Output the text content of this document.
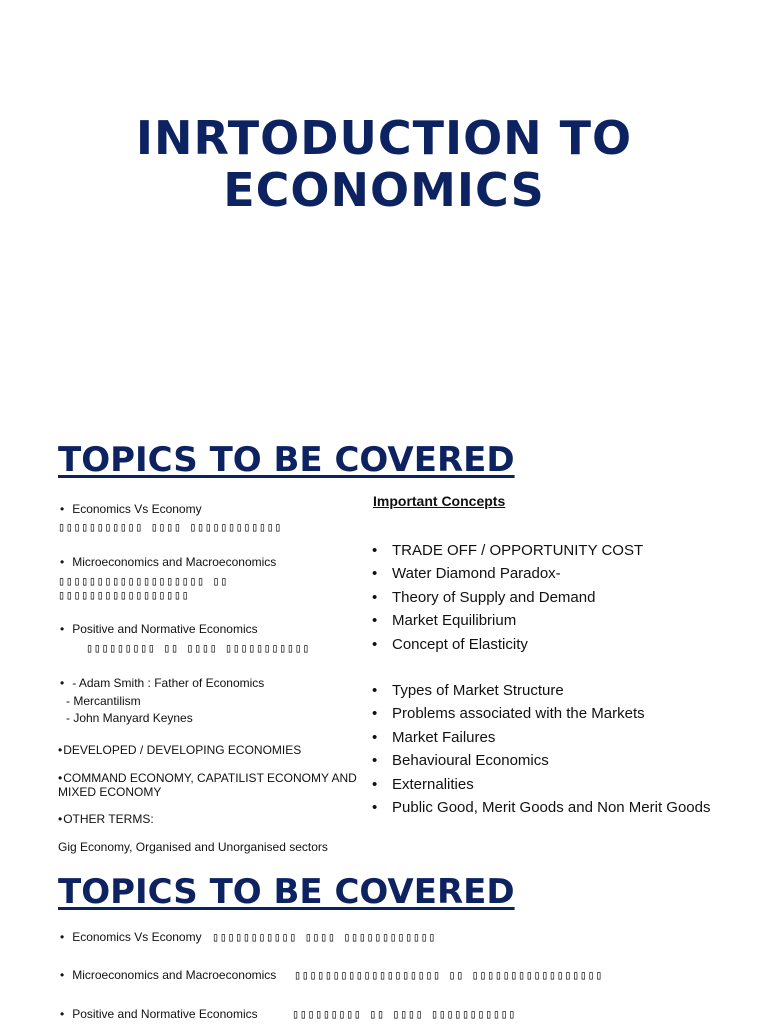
INRTODUCTION TO ECONOMICS
TOPICS TO BE COVERED
• Economics Vs Economy
▯▯▯▯▯▯▯▯▯▯▯ ▯▯▯▯ ▯▯▯▯▯▯▯▯▯▯▯▯
• Microeconomics and Macroeconomics
▯▯▯▯▯▯▯▯▯▯▯▯▯▯▯▯▯▯▯ ▯▯ ▯▯▯▯▯▯▯▯▯▯▯▯▯▯▯▯▯
• Positive and Normative Economics
▯▯▯▯▯▯▯▯▯ ▯▯ ▯▯▯▯ ▯▯▯▯▯▯▯▯▯▯▯
• - Adam Smith : Father of Economics
- Mercantilism
- John Manyard Keynes
• DEVELOPED / DEVELOPING ECONOMIES
• COMMAND ECONOMY, CAPATILIST ECONOMY AND
MIXED ECONOMY
• OTHER TERMS:
Gig Economy, Organised and Unorganised sectors
Important Concepts
• TRADE OFF / OPPORTUNITY COST
• Water Diamond Paradox-
• Theory of Supply and Demand
• Market Equilibrium
• Concept of Elasticity
• Types of Market Structure
• Problems associated with the Markets
• Market Failures
• Behavioural Economics
• Externalities
• Public Good, Merit Goods and Non Merit Goods
TOPICS TO BE COVERED
• Economics Vs Economy ▯▯▯▯▯▯▯▯▯▯▯ ▯▯▯▯ ▯▯▯▯▯▯▯▯▯▯▯▯
• Microeconomics and Macroeconomics ▯▯▯▯▯▯▯▯▯▯▯▯▯▯▯▯▯▯▯ ▯▯ ▯▯▯▯▯▯▯▯▯▯▯▯▯▯▯▯▯
• Positive and Normative Economics	▯▯▯▯▯▯▯▯▯ ▯▯ ▯▯▯▯ ▯▯▯▯▯▯▯▯▯▯▯
